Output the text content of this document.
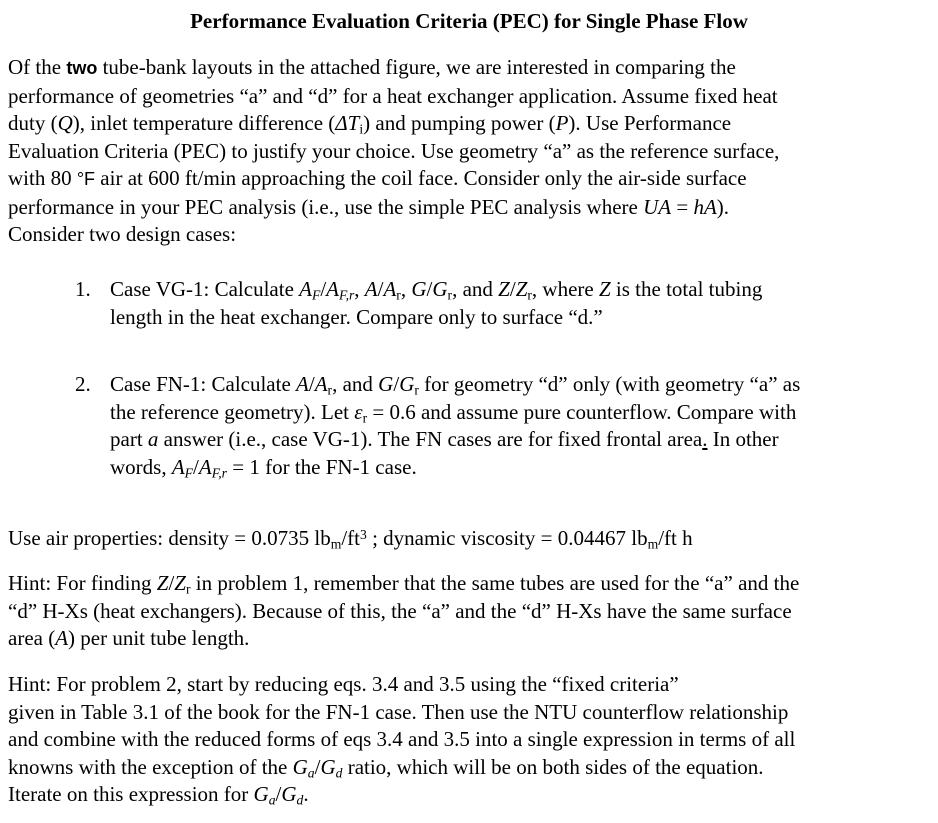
Performance Evaluation Criteria (PEC) for Single Phase Flow
Of the two tube-bank layouts in the attached figure, we are interested in comparing the
performance of geometries “a” and “d” for a heat exchanger application. Assume fixed heat
duty (Q), inlet temperature difference $(\Delta T_i)$ and pumping power (P). Use Performance
Evaluation Criteria (PEC) to justify your choice. Use geometry “a” as the reference surface,
with 80 °F air at 600 ft/min approaching the coil face. Consider only the air-side surface
performance in your PEC analysis (i.e., use the simple PEC analysis where UA = hA).
Consider two design cases:
1. Case VG-1: Calculate $A_F/A_{F,r}$, $A/A_r$, $G/G_r$, and $Z/Z_r$, where Z is the total tubing
length in the heat exchanger. Compare only to surface “d.”
2. Case FN-1: Calculate $A/A_r$, and $G/G_r$ for geometry “d” only (with geometry “a” as
the reference geometry). Let $\varepsilon_r = 0.6$ and assume pure counterflow. Compare with
part a answer (i.e., case VG-1). The FN cases are for fixed frontal area. In other
words, $A_F/A_{F,r} = 1$ for the FN-1 case.
Use air properties: density = 0.0735 $lb_m/ft^3$ ; dynamic viscosity = 0.04467 $lb_m/ft$ h
Hint: For finding $Z/Z_r$ in problem 1, remember that the same tubes are used for the “a” and the
“d” H-Xs (heat exchangers). Because of this, the “a” and the “d” H-Xs have the same surface
area (A) per unit tube length.
Hint: For problem 2, start by reducing eqs. 3.4 and 3.5 using the “fixed criteria”
given in Table 3.1 of the book for the FN-1 case. Then use the NTU counterflow relationship
and combine with the reduced forms of eqs 3.4 and 3.5 into a single expression in terms of all
knowns with the exception of the $G_a/G_d$ ratio, which will be on both sides of the equation.
Iterate on this expression for $G_a/G_d$.
